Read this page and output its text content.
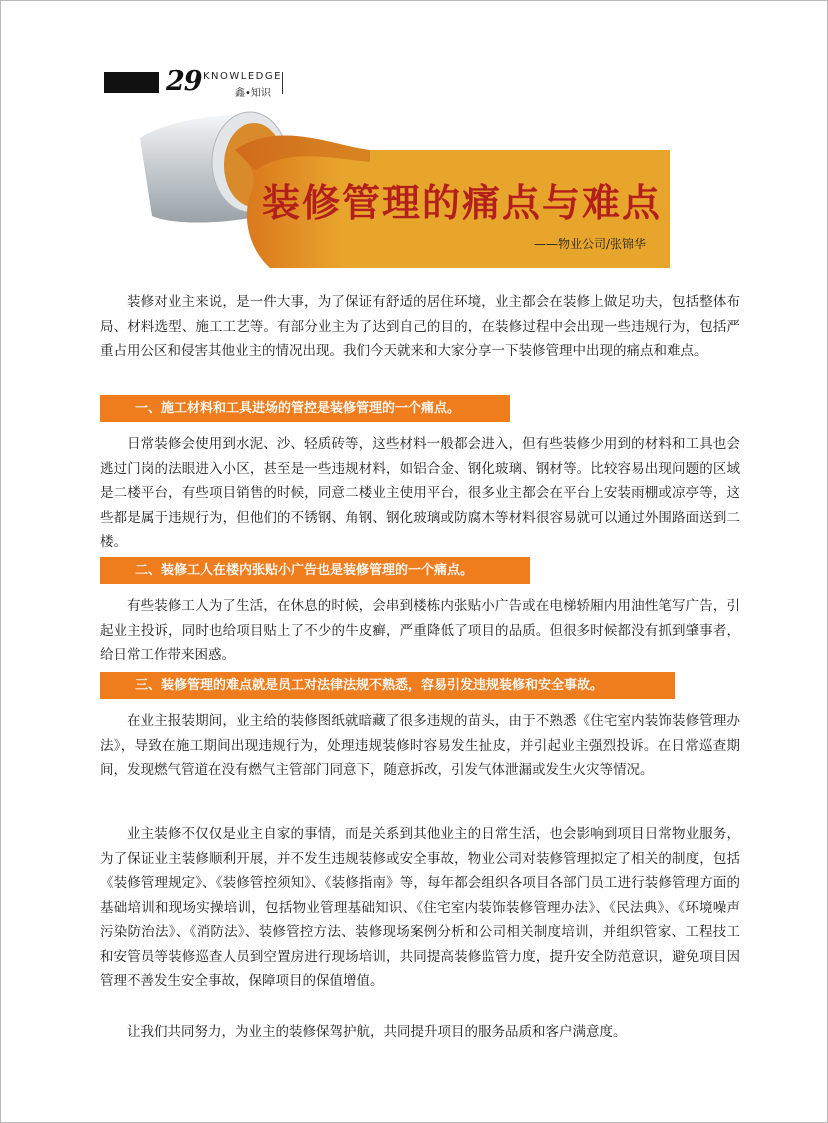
29 KNOWLEDGE
鑫•知识
装修管理的痛点与难点
——物业公司/张锦华

装修对业主来说，是一件大事，为了保证有舒适的居住环境，业主都会在装修上做足功夫，包括整体布局、材料选型、施工工艺等。有部分业主为了达到自己的目的，在装修过程中会出现一些违规行为，包括严重占用公区和侵害其他业主的情况出现。我们今天就来和大家分享一下装修管理中出现的痛点和难点。

一、施工材料和工具进场的管控是装修管理的一个痛点。

日常装修会使用到水泥、沙、轻质砖等，这些材料一般都会进入，但有些装修少用到的材料和工具也会逃过门岗的法眼进入小区，甚至是一些违规材料，如铝合金、钢化玻璃、钢材等。比较容易出现问题的区域是二楼平台，有些项目销售的时候，同意二楼业主使用平台，很多业主都会在平台上安装雨棚或凉亭等，这些都是属于违规行为，但他们的不锈钢、角钢、钢化玻璃或防腐木等材料很容易就可以通过外围路面送到二楼。

二、装修工人在楼内张贴小广告也是装修管理的一个痛点。

有些装修工人为了生活，在休息的时候，会串到楼栋内张贴小广告或在电梯轿厢内用油性笔写广告，引起业主投诉，同时也给项目贴上了不少的牛皮癣，严重降低了项目的品质。但很多时候都没有抓到肇事者，给日常工作带来困惑。

三、装修管理的难点就是员工对法律法规不熟悉，容易引发违规装修和安全事故。

在业主报装期间，业主给的装修图纸就暗藏了很多违规的苗头，由于不熟悉《住宅室内装饰装修管理办法》，导致在施工期间出现违规行为，处理违规装修时容易发生扯皮，并引起业主强烈投诉。在日常巡查期间，发现燃气管道在没有燃气主管部门同意下，随意拆改，引发气体泄漏或发生火灾等情况。

业主装修不仅仅是业主自家的事情，而是关系到其他业主的日常生活，也会影响到项目日常物业服务，为了保证业主装修顺利开展，并不发生违规装修或安全事故，物业公司对装修管理拟定了相关的制度，包括《装修管理规定》、《装修管控须知》、《装修指南》等，每年都会组织各项目各部门员工进行装修管理方面的基础培训和现场实操培训，包括物业管理基础知识、《住宅室内装饰装修管理办法》、《民法典》、《环境噪声污染防治法》、《消防法》、装修管控方法、装修现场案例分析和公司相关制度培训，并组织管家、工程技工和安管员等装修巡查人员到空置房进行现场培训，共同提高装修监管力度，提升安全防范意识，避免项目因管理不善发生安全事故，保障项目的保值增值。

让我们共同努力，为业主的装修保驾护航，共同提升项目的服务品质和客户满意度。
